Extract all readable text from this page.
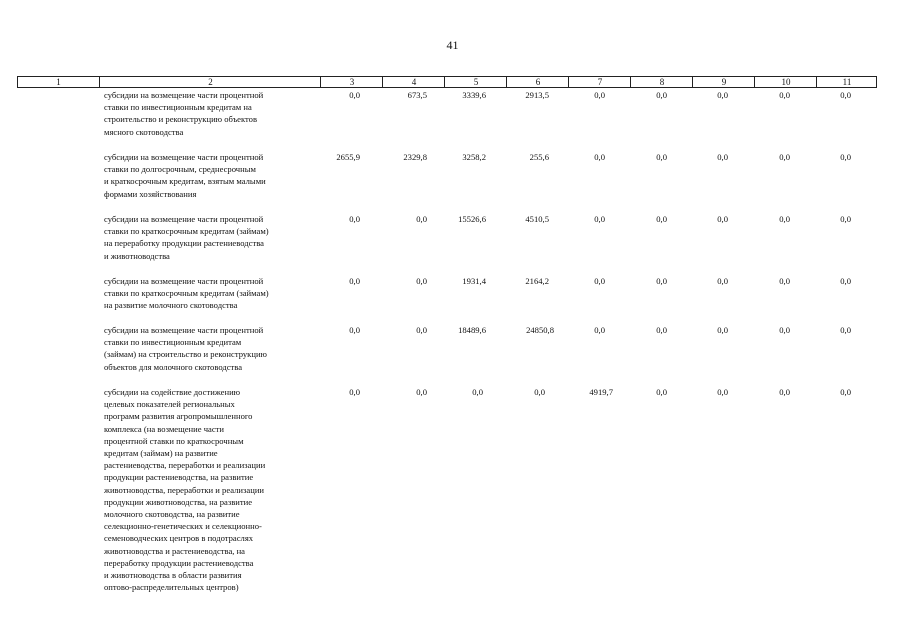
41
1	2	3	4	5	6	7	8	9	10	11
субсидии на возмещение части процентной
ставки по инвестиционным кредитам на
строительство и реконструкцию объектов
мясного скотоводства
0,0	673,5	3339,6	2913,5	0,0	0,0	0,0	0,0	0,0
субсидии на возмещение части процентной
ставки по долгосрочным, среднесрочным
и краткосрочным кредитам, взятым малыми
формами хозяйствования
2655,9	2329,8	3258,2	255,6	0,0	0,0	0,0	0,0	0,0
субсидии на возмещение части процентной
ставки по краткосрочным кредитам (займам)
на переработку продукции растениеводства
и животноводства
0,0	0,0	15526,6	4510,5	0,0	0,0	0,0	0,0	0,0
субсидии на возмещение части процентной
ставки по краткосрочным кредитам (займам)
на развитие молочного скотоводства
0,0	0,0	1931,4	2164,2	0,0	0,0	0,0	0,0	0,0
субсидии на возмещение части процентной
ставки по инвестиционным кредитам
(займам) на строительство и реконструкцию
объектов для молочного скотоводства
0,0	0,0	18489,6	24850,8	0,0	0,0	0,0	0,0	0,0
субсидии на содействие достижению
целевых показателей региональных
программ развития агропромышленного
комплекса (на возмещение части
процентной ставки по краткосрочным
кредитам (займам) на развитие
растениеводства, переработки и реализации
продукции растениеводства, на развитие
животноводства, переработки и реализации
продукции животноводства, на развитие
молочного скотоводства, на развитие
селекционно-генетических и селекционно-
семеноводческих центров в подотраслях
животноводства и растениеводства, на
переработку продукции растениеводства
и животноводства в области развития
оптово-распределительных центров)
0,0	0,0	0,0	0,0	4919,7	0,0	0,0	0,0	0,0
